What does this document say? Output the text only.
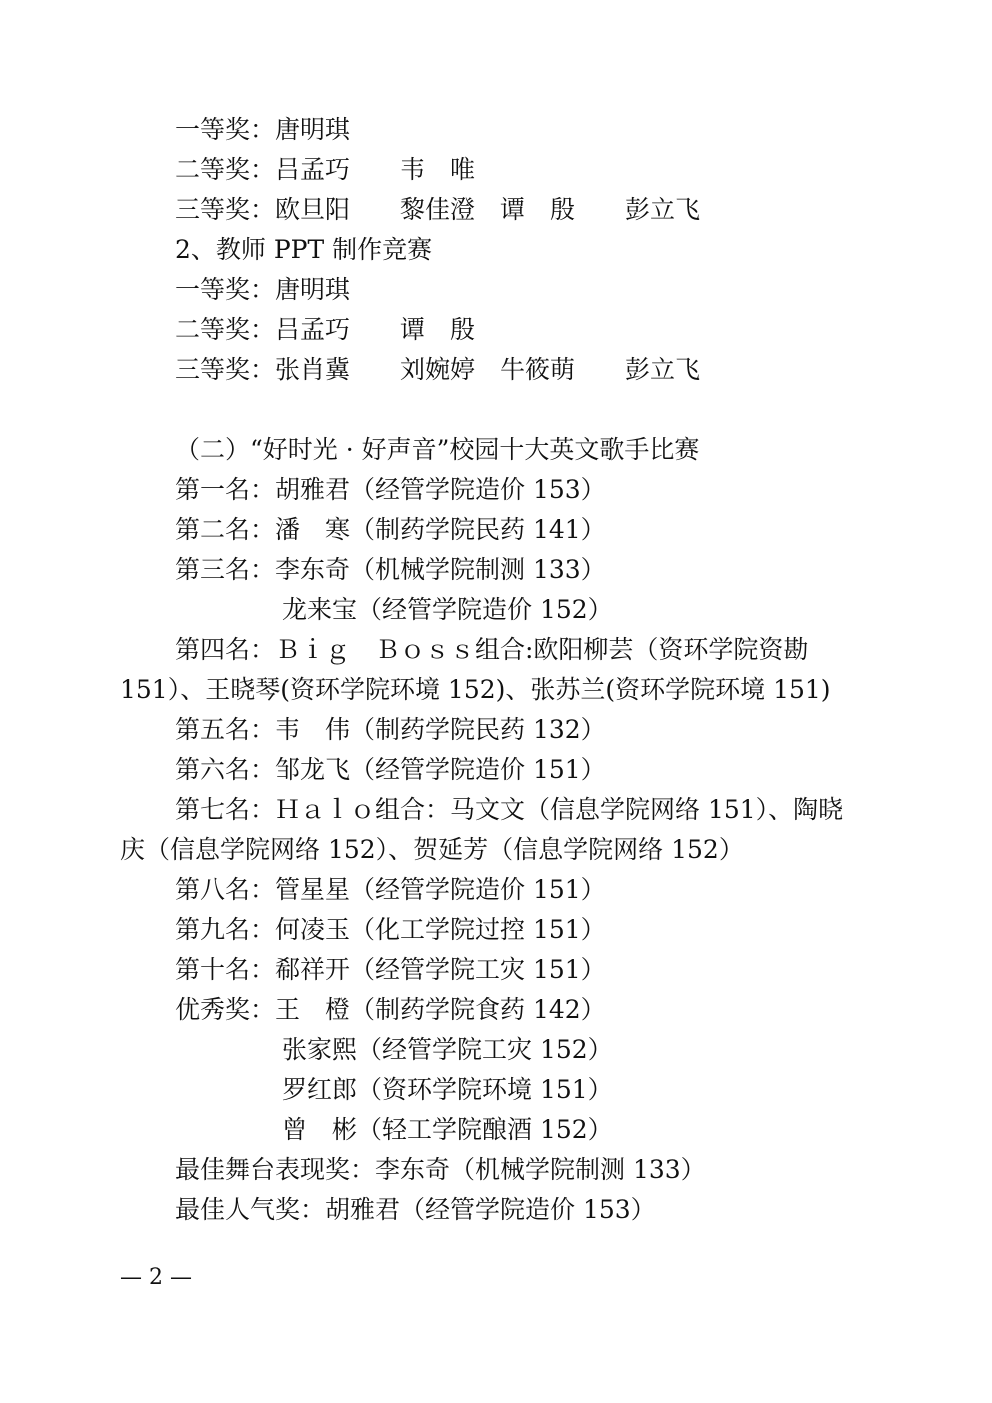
一等奖：唐明琪
二等奖：吕孟巧　　韦　唯
三等奖：欧旦阳　　黎佳澄　谭　殷　　彭立飞
2、教师 PPT 制作竞赛
一等奖：唐明琪
二等奖：吕孟巧　　谭　殷
三等奖：张肖冀　　刘婉婷　牛筱萌　　彭立飞
（二）“好时光 · 好声音”校园十大英文歌手比赛
第一名：胡雅君（经管学院造价 153）
第二名：潘　寒（制药学院民药 141）
第三名：李东奇（机械学院制测 133）
龙来宝（经管学院造价 152）
第四名：Ｂｉｇ　Ｂｏｓｓ组合:欧阳柳芸（资环学院资勘
151）、王晓琴(资环学院环境 152)、张苏兰(资环学院环境 151)
第五名：韦　伟（制药学院民药 132）
第六名：邹龙飞（经管学院造价 151）
第七名：Ｈａｌｏ组合：马文文（信息学院网络 151）、陶晓
庆（信息学院网络 152）、贺延芳（信息学院网络 152）
第八名：管星星（经管学院造价 151）
第九名：何凌玉（化工学院过控 151）
第十名：郗祥开（经管学院工灾 151）
优秀奖：王　橙（制药学院食药 142）
张家熙（经管学院工灾 152）
罗红郎（资环学院环境 151）
曾　彬（轻工学院酿酒 152）
最佳舞台表现奖：李东奇（机械学院制测 133）
最佳人气奖：胡雅君（经管学院造价 153）
— 2 —
